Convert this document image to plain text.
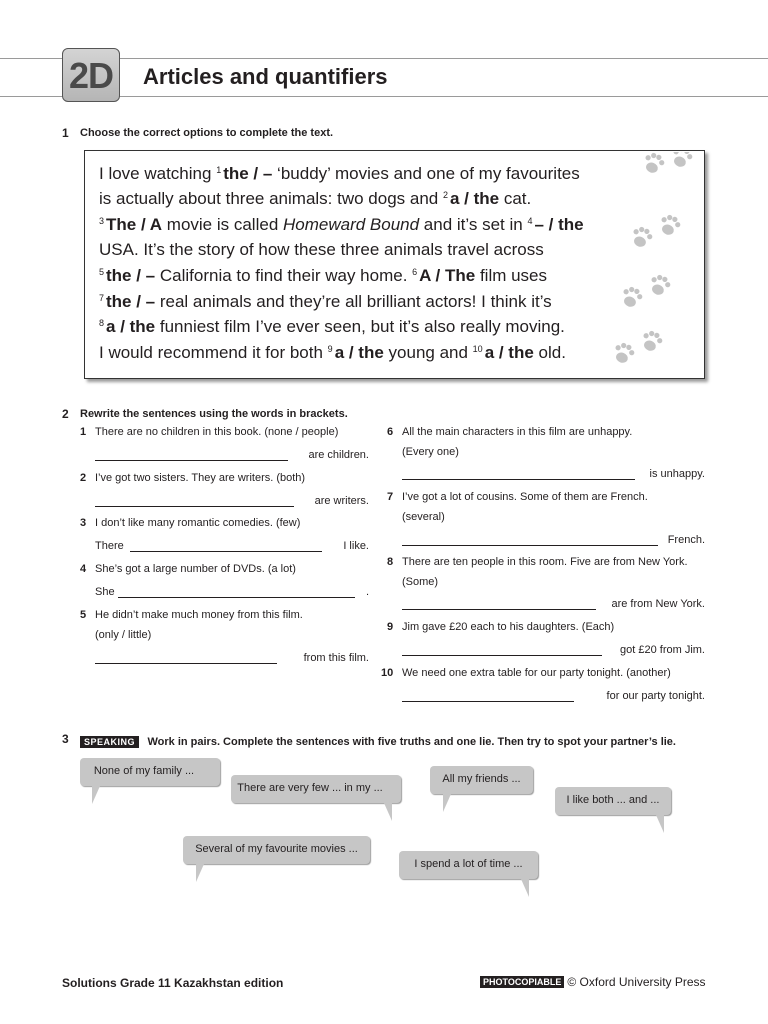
2D	Articles and quantifiers
1 Choose the correct options to complete the text.
I love watching $^1$ the / – ‘buddy’ movies and one of my favourites
is actually about three animals: two dogs and $^2$ a / the cat.
$^3$ The / A movie is called Homeward Bound and it’s set in $^4$ – / the
USA. It’s the story of how these three animals travel across
$^5$ the / – California to find their way home. $^6$ A / The film uses
$^7$ the / – real animals and they’re all brilliant actors! I think it’s
$^8$ a / the funniest film I’ve ever seen, but it’s also really moving.
I would recommend it for both $^9$ a / the young and $^{10}$ a / the old.
2 Rewrite the sentences using the words in brackets.
1 There are no children in this book. (none / people)
are children.
2 I’ve got two sisters. They are writers. (both)
are writers.
3 I don’t like many romantic comedies. (few)
There	I like.
4 She’s got a large number of DVDs. (a lot)
She	.
5 He didn’t make much money from this film.
(only / little)
from this film.
6 All the main characters in this film are unhappy.
(Every one)
is unhappy.
7 I’ve got a lot of cousins. Some of them are French.
(several)
French.
8 There are ten people in this room. Five are from New York.
(Some)
are from New York.
9 Jim gave £20 each to his daughters. (Each)
got £20 from Jim.
10 We need one extra table for our party tonight. (another)
for our party tonight.
3	SPEAKING Work in pairs. Complete the sentences with five truths and one lie. Then try to spot your partner’s lie.
None of my family ...
There are very few ... in my ...
All my friends ...
I like both ... and ...
Several of my favourite movies ...
I spend a lot of time ...
Solutions Grade 11 Kazakhstan edition	PHOTOCOPIABLE © Oxford University Press
